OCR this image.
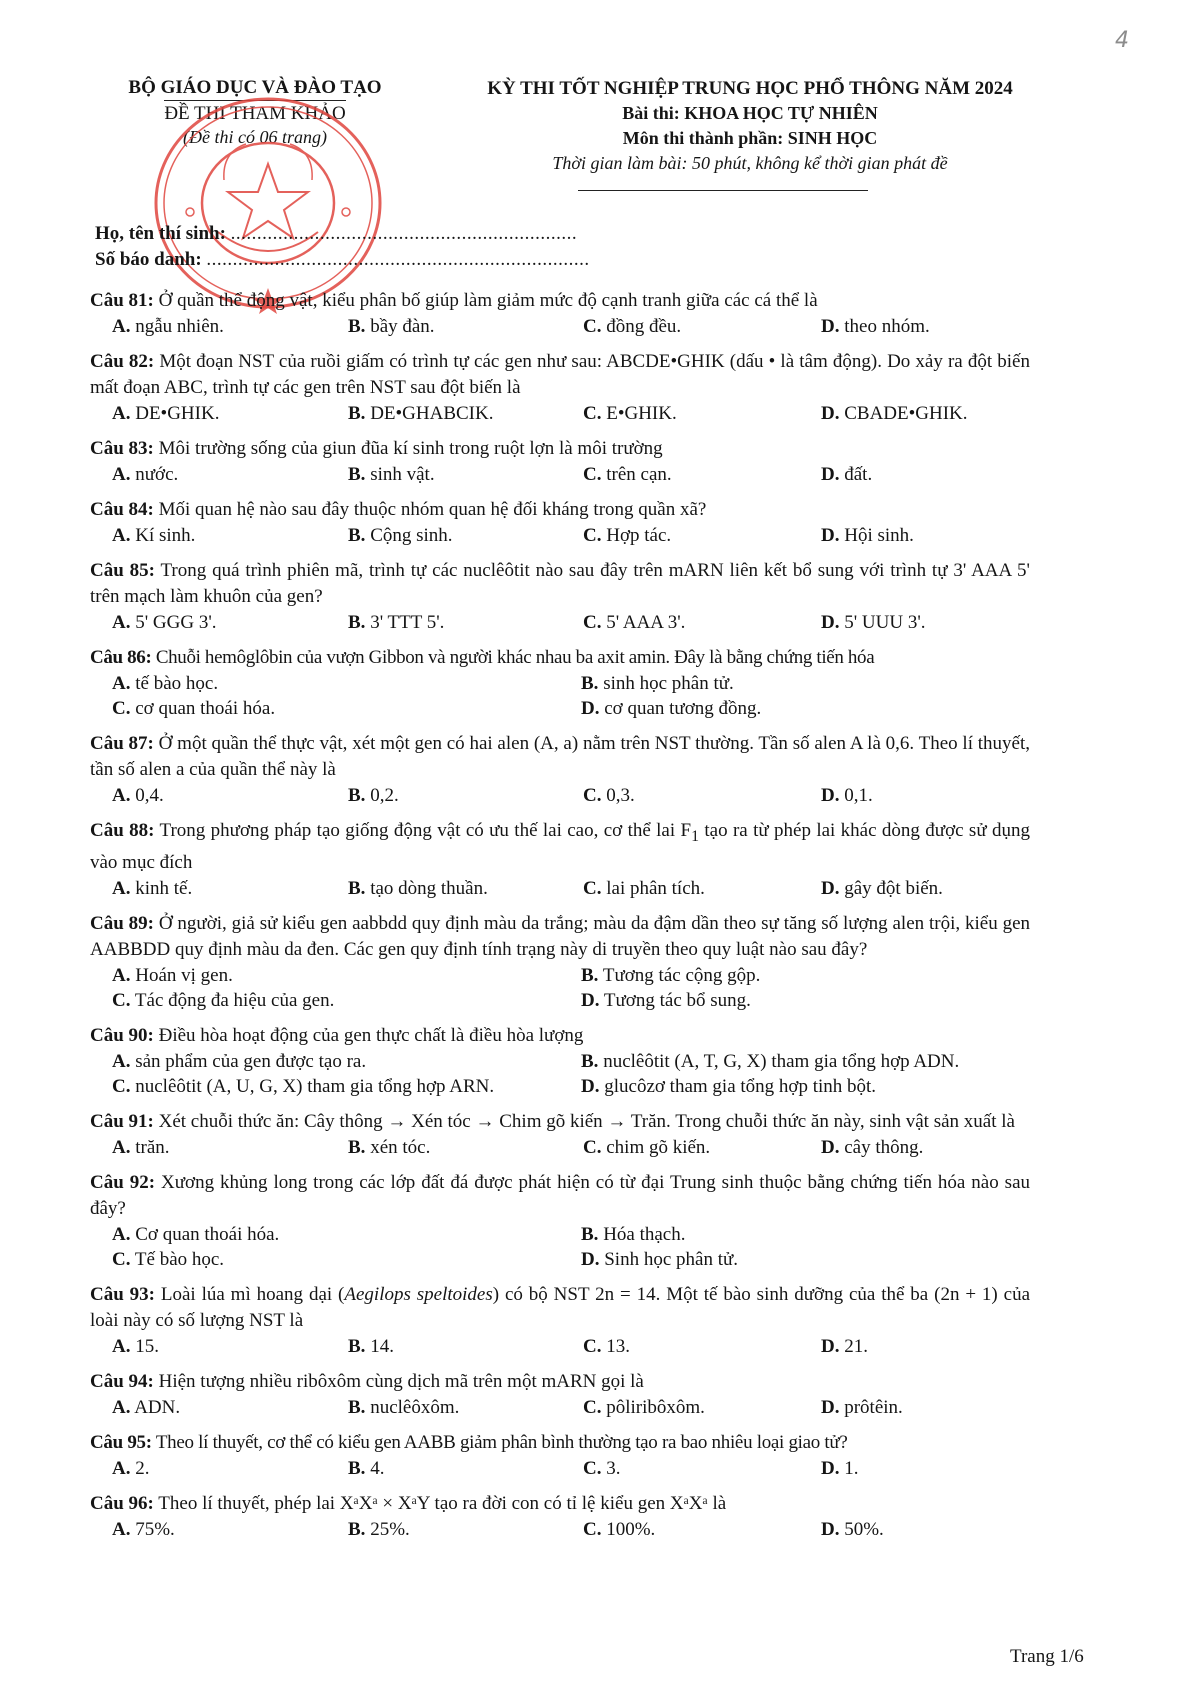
4
BỘ GIÁO DỤC VÀ ĐÀO TẠO
ĐỀ THI THAM KHẢO
(Đề thi có 06 trang)
KỲ THI TỐT NGHIỆP TRUNG HỌC PHỔ THÔNG NĂM 2024
Bài thi: KHOA HỌC TỰ NHIÊN
Môn thi thành phần: SINH HỌC
Thời gian làm bài: 50 phút, không kể thời gian phát đề
Họ, tên thí sinh: ..................................................................
Số báo danh: .........................................................................
Câu 81: Ở quần thể động vật, kiểu phân bố giúp làm giảm mức độ cạnh tranh giữa các cá thể là
A. ngẫu nhiên.	B. bầy đàn.	C. đồng đều.	D. theo nhóm.
Câu 82: Một đoạn NST của ruồi giấm có trình tự các gen như sau: ABCDE•GHIK (dấu • là tâm động). Do xảy ra đột biến mất đoạn ABC, trình tự các gen trên NST sau đột biến là
A. DE•GHIK.	B. DE•GHABCIK.	C. E•GHIK.	D. CBADE•GHIK.
Câu 83: Môi trường sống của giun đũa kí sinh trong ruột lợn là môi trường
A. nước.	B. sinh vật.	C. trên cạn.	D. đất.
Câu 84: Mối quan hệ nào sau đây thuộc nhóm quan hệ đối kháng trong quần xã?
A. Kí sinh.	B. Cộng sinh.	C. Hợp tác.	D. Hội sinh.
Câu 85: Trong quá trình phiên mã, trình tự các nuclêôtit nào sau đây trên mARN liên kết bổ sung với trình tự 3' AAA 5' trên mạch làm khuôn của gen?
A. 5' GGG 3'.	B. 3' TTT 5'.	C. 5' AAA 3'.	D. 5' UUU 3'.
Câu 86: Chuỗi hemôglôbin của vượn Gibbon và người khác nhau ba axit amin. Đây là bằng chứng tiến hóa
A. tế bào học.	B. sinh học phân tử.
C. cơ quan thoái hóa.	D. cơ quan tương đồng.
Câu 87: Ở một quần thể thực vật, xét một gen có hai alen (A, a) nằm trên NST thường. Tần số alen A là 0,6. Theo lí thuyết, tần số alen a của quần thể này là
A. 0,4.	B. 0,2.	C. 0,3.	D. 0,1.
Câu 88: Trong phương pháp tạo giống động vật có ưu thế lai cao, cơ thể lai $F_1$ tạo ra từ phép lai khác dòng được sử dụng vào mục đích
A. kinh tế.	B. tạo dòng thuần.	C. lai phân tích.	D. gây đột biến.
Câu 89: Ở người, giả sử kiểu gen aabbdd quy định màu da trắng; màu da đậm dần theo sự tăng số lượng alen trội, kiểu gen AABBDD quy định màu da đen. Các gen quy định tính trạng này di truyền theo quy luật nào sau đây?
A. Hoán vị gen.	B. Tương tác cộng gộp.
C. Tác động đa hiệu của gen.	D. Tương tác bổ sung.
Câu 90: Điều hòa hoạt động của gen thực chất là điều hòa lượng
A. sản phẩm của gen được tạo ra.	B. nuclêôtit (A, T, G, X) tham gia tổng hợp ADN.
C. nuclêôtit (A, U, G, X) tham gia tổng hợp ARN.	D. glucôzơ tham gia tổng hợp tinh bột.
Câu 91: Xét chuỗi thức ăn: Cây thông → Xén tóc → Chim gõ kiến → Trăn. Trong chuỗi thức ăn này, sinh vật sản xuất là
A. trăn.	B. xén tóc.	C. chim gõ kiến.	D. cây thông.
Câu 92: Xương khủng long trong các lớp đất đá được phát hiện có từ đại Trung sinh thuộc bằng chứng tiến hóa nào sau đây?
A. Cơ quan thoái hóa.	B. Hóa thạch.
C. Tế bào học.	D. Sinh học phân tử.
Câu 93: Loài lúa mì hoang dại (Aegilops speltoides) có bộ NST 2n = 14. Một tế bào sinh dưỡng của thể ba (2n + 1) của loài này có số lượng NST là
A. 15.	B. 14.	C. 13.	D. 21.
Câu 94: Hiện tượng nhiều ribôxôm cùng dịch mã trên một mARN gọi là
A. ADN.	B. nuclêôxôm.	C. pôliribôxôm.	D. prôtêin.
Câu 95: Theo lí thuyết, cơ thể có kiểu gen AABB giảm phân bình thường tạo ra bao nhiêu loại giao tử?
A. 2.	B. 4.	C. 3.	D. 1.
Câu 96: Theo lí thuyết, phép lai XᵃXᵃ × XᵃY tạo ra đời con có tỉ lệ kiểu gen XᵃXᵃ là
A. 75%.	B. 25%.	C. 100%.	D. 50%.
Trang 1/6
